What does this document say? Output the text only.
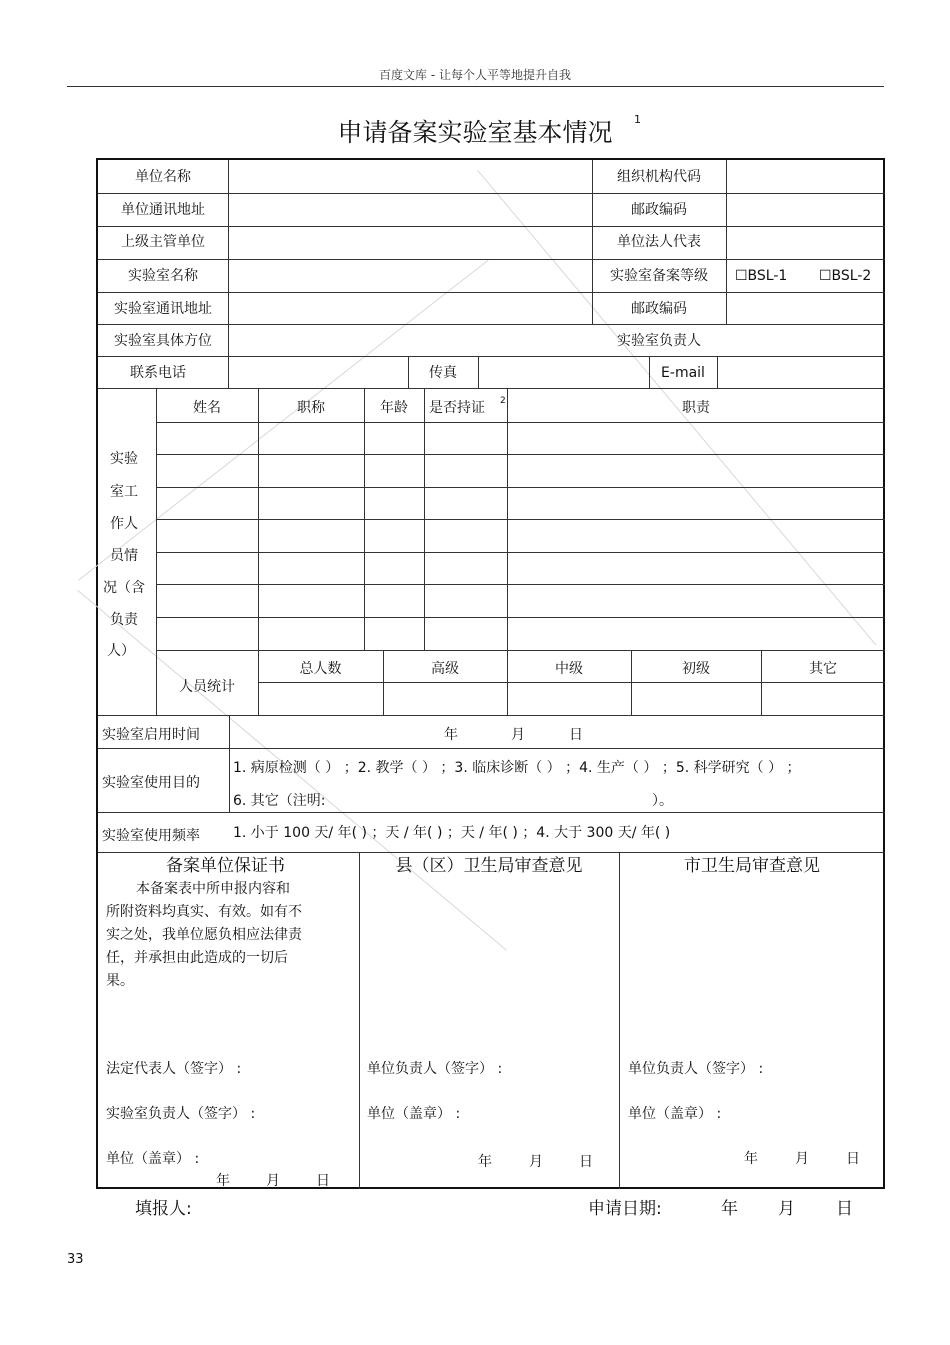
百度文库 - 让每个人平等地提升自我
申请备案实验室基本情况	1
单位名称	组织机构代码
单位通讯地址	邮政编码
上级主管单位	单位法人代表
实验室名称	实验室备案等级	☐BSL-1 ☐BSL-2
实验室通讯地址	邮政编码
实验室具体方位	实验室负责人
联系电话	传真	E-mail
实验
室工
作人
员情
况（含
负责
人）
姓名	职称	年龄	是否持证 2	职责
人员统计
总人数	高级	中级	初级	其它
实验室启用时间	年	月	日
实验室使用目的
1. 病原检测（ ） ；2. 教学（ ） ；3. 临床诊断（ ） ；4. 生产（ ） ；5. 科学研究（ ） ；
6. 其它（注明:	）。
实验室使用频率 1. 小于 100 天/ 年( ) ；天 / 年( ) ；天 / 年( ) ；4. 大于 300 天/ 年( )
备案单位保证书
本备案表中所申报内容和
所附资料均真实、有效。如有不
实之处，我单位愿负相应法律责
任，并承担由此造成的一切后
果。
法定代表人（签字） :
实验室负责人（签字） :
单位（盖章） :
年	月	日
县（区）卫生局审查意见
单位负责人（签字） :
单位（盖章） :
年	月	日
市卫生局审查意见
单位负责人（签字） :
单位（盖章） :
年	月	日
填报人:	申请日期:	年 月 日
33
